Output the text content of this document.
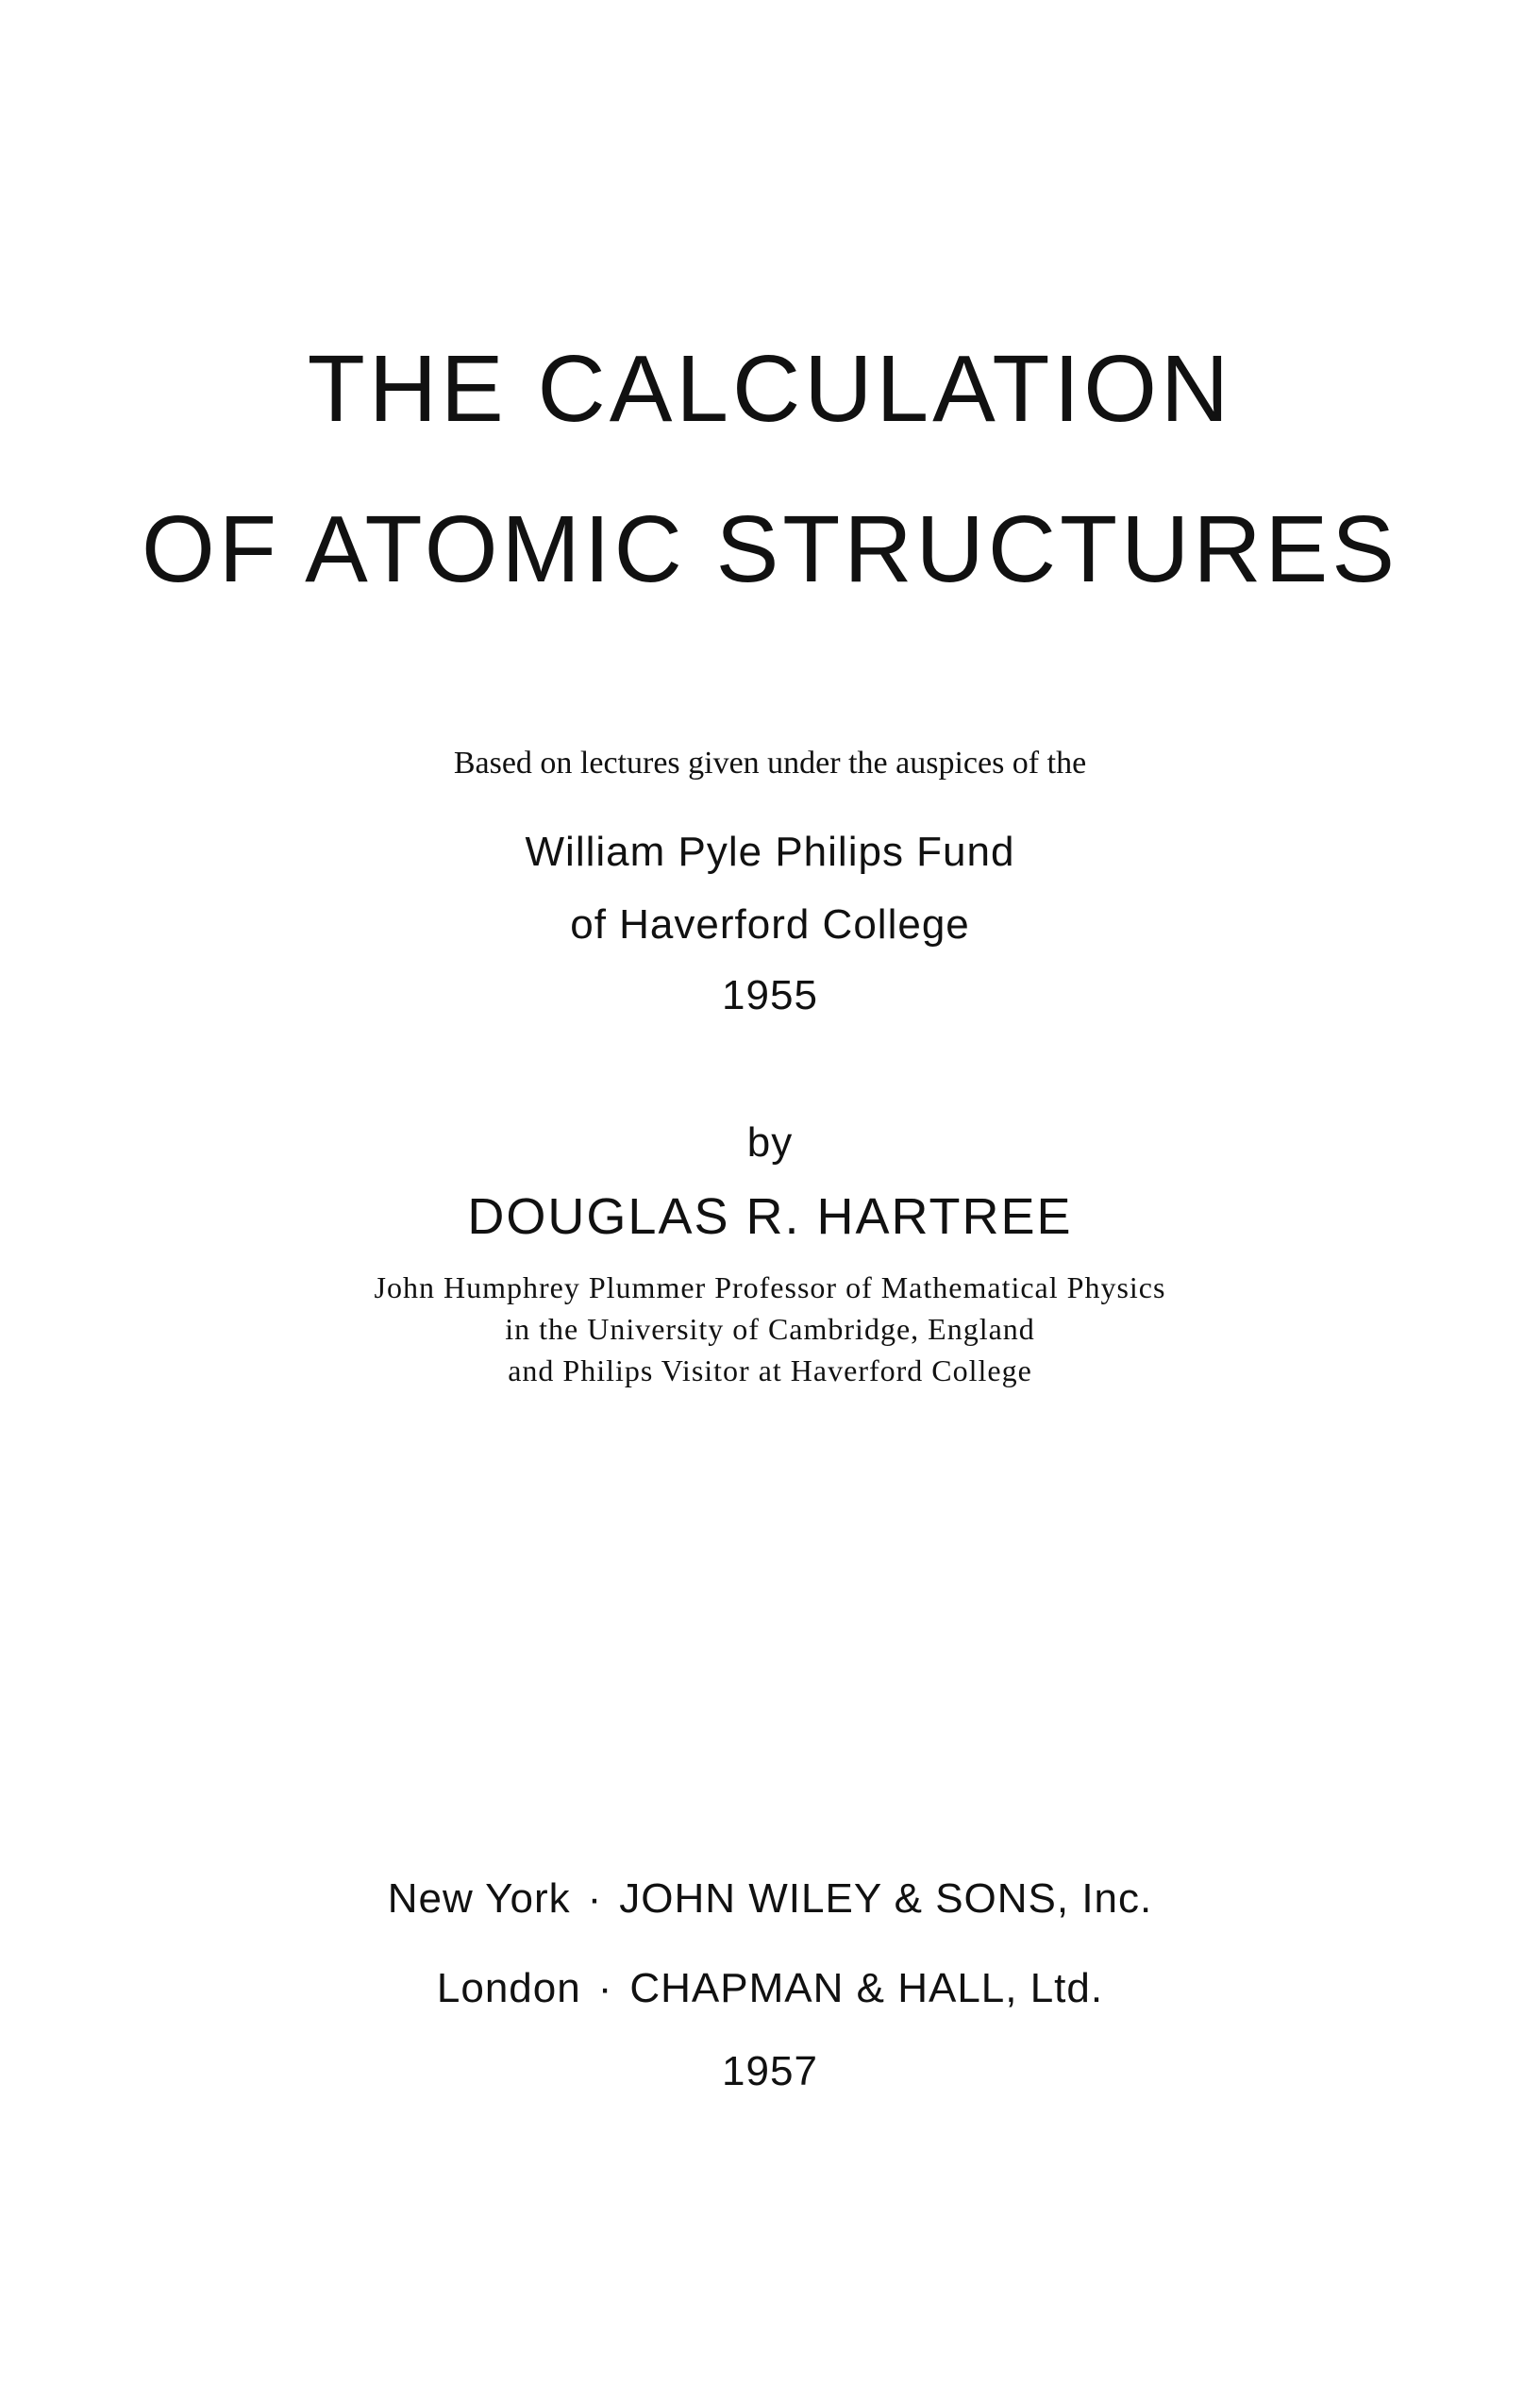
THE CALCULATION
OF ATOMIC STRUCTURES
Based on lectures given under the auspices of the
William Pyle Philips Fund
of Haverford College
1955
by
DOUGLAS R. HARTREE
John Humphrey Plummer Professor of Mathematical Physics
in the University of Cambridge, England
and Philips Visitor at Haverford College
New York · JOHN WILEY & SONS, Inc.
London · CHAPMAN & HALL, Ltd.
1957
